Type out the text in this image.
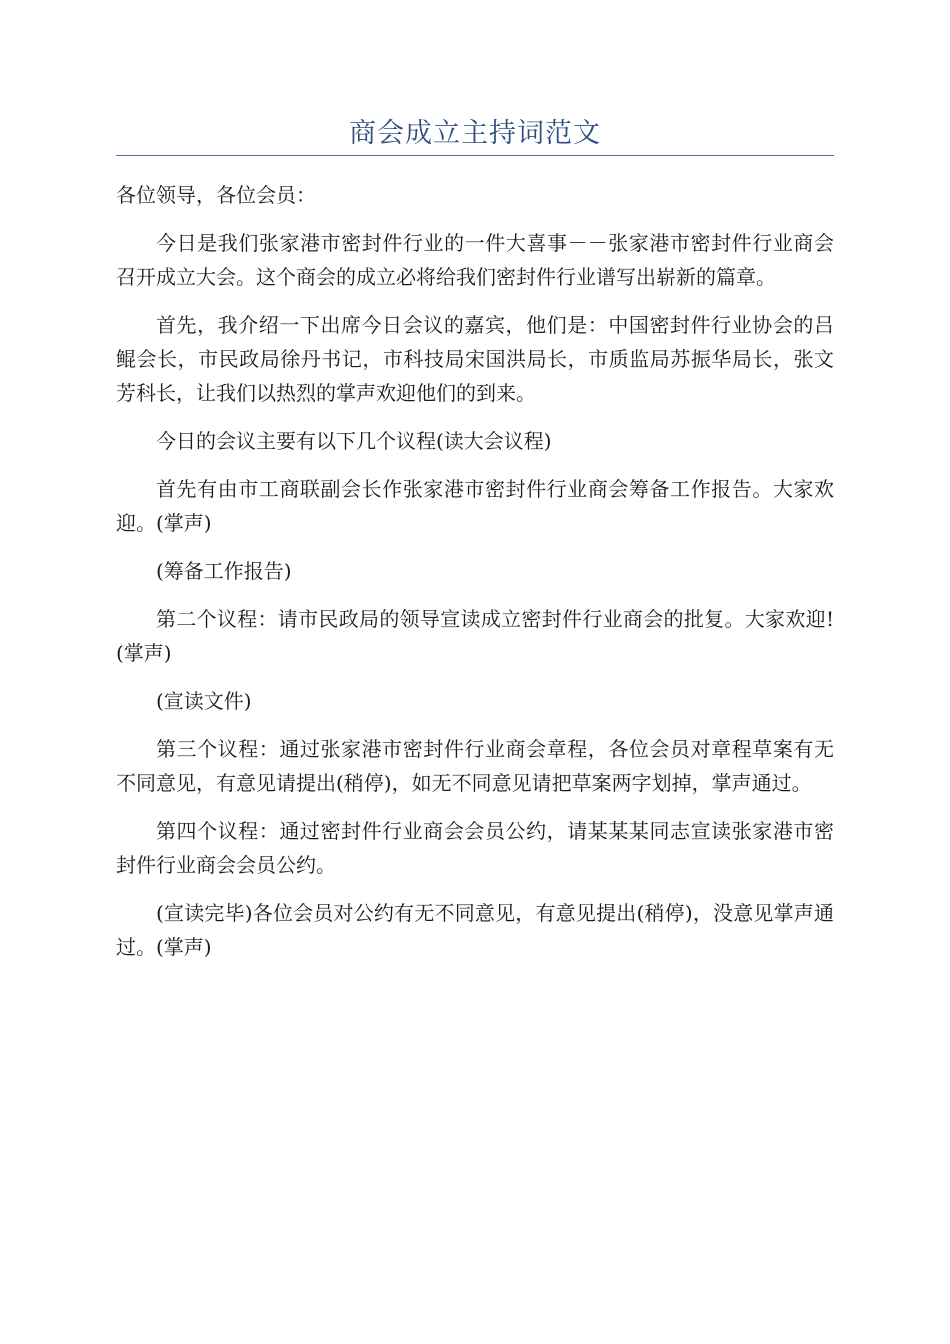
商会成立主持词范文

各位领导，各位会员：

今日是我们张家港市密封件行业的一件大喜事－－张家港市密封件行业商会召开成立大会。这个商会的成立必将给我们密封件行业谱写出崭新的篇章。

首先，我介绍一下出席今日会议的嘉宾，他们是：中国密封件行业协会的吕鲲会长，市民政局徐丹书记，市科技局宋国洪局长，市质监局苏振华局长，张文芳科长，让我们以热烈的掌声欢迎他们的到来。

今日的会议主要有以下几个议程(读大会议程)

首先有由市工商联副会长作张家港市密封件行业商会筹备工作报告。大家欢迎。(掌声)

(筹备工作报告)

第二个议程：请市民政局的领导宣读成立密封件行业商会的批复。大家欢迎!(掌声)

(宣读文件)

第三个议程：通过张家港市密封件行业商会章程，各位会员对章程草案有无不同意见，有意见请提出(稍停)，如无不同意见请把草案两字划掉，掌声通过。

第四个议程：通过密封件行业商会会员公约，请某某某同志宣读张家港市密封件行业商会会员公约。

(宣读完毕)各位会员对公约有无不同意见，有意见提出(稍停)，没意见掌声通过。(掌声)
